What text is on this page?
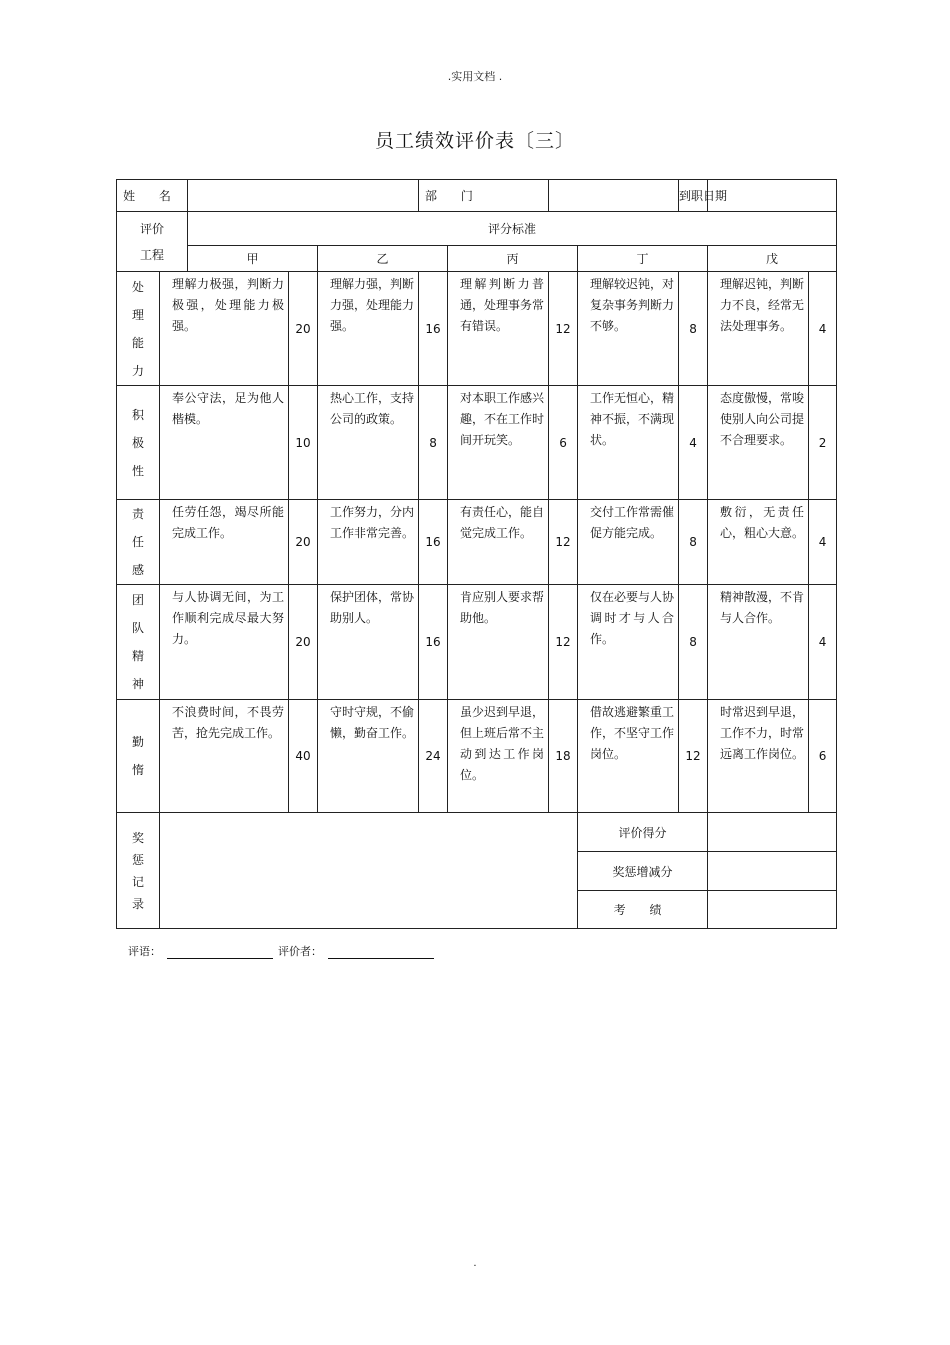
.实用文档 .
员工绩效评价表〔三〕
姓 名					部 门				到职日期		

评价
工程		评分标准									
		甲		乙		丙		丁		戊	

处
理
能
力	理解力极强，判断力极强，处理能力极强。		20	理解力强，判断力强，处理能力强。	16	理解判断力普通，处理事务常有错误。	12	理解较迟钝，对复杂事务判断力不够。	8	理解迟钝，判断力不良，经常无法处理事务。	4

积
极
性	奉公守法，足为他人楷模。		10	热心工作，支持公司的政策。	8	对本职工作感兴趣，不在工作时间开玩笑。	6	工作无恒心，精神不振，不满现状。	4	态度傲慢，常唆使别人向公司提不合理要求。	2

责
任
感	任劳任怨，竭尽所能完成工作。		20	工作努力，分内工作非常完善。	16	有责任心，能自觉完成工作。	12	交付工作常需催促方能完成。	8	敷衍，无责任心，粗心大意。	4

团
队
精
神	与人协调无间，为工作顺利完成尽最大努力。		20	保护团体，常协助别人。	16	肯应别人要求帮助他。	12	仅在必要与人协调时才与人合作。	8	精神散漫，不肯与人合作。	4

勤
惰	不浪费时间，不畏劳苦，抢先完成工作。		40	守时守规，不偷懒，勤奋工作。	24	虽少迟到早退，但上班后常不主动到达工作岗位。	18	借故逃避繁重工作，不坚守工作岗位。	12	时常迟到早退，工作不力，时常远离工作岗位。	6

奖
惩
记
录								评价得分			
								奖惩增减分			
								考 绩			
评语：	评价者：
.
